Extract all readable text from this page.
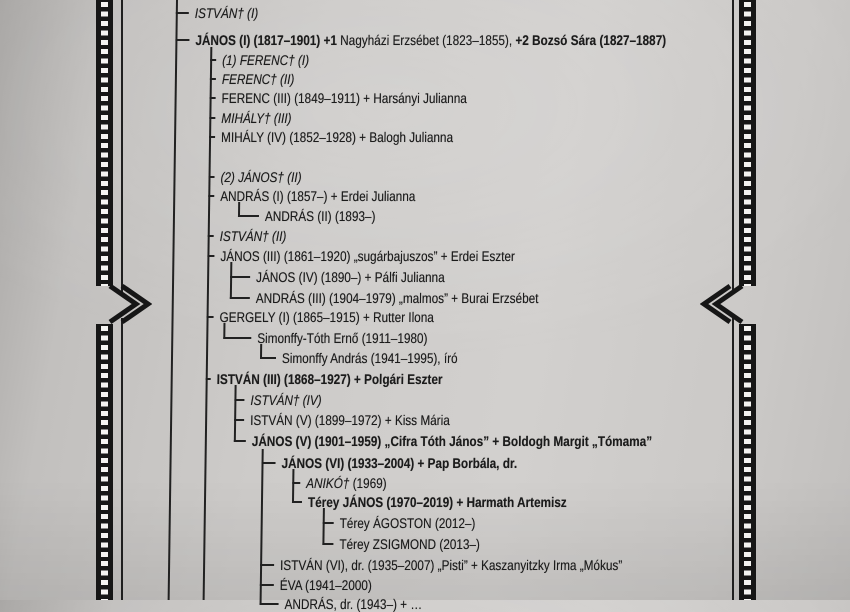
ISTVÁN† (I)
JÁNOS (I) (1817–1901) +1 Nagyházi Erzsébet (1823–1855), +2 Bozsó Sára (1827–1887)
(1) FERENC† (I)
FERENC† (II)
FERENC (III) (1849–1911) + Harsányi Julianna
MIHÁLY† (III)
MIHÁLY (IV) (1852–1928) + Balogh Julianna
(2) JÁNOS† (II)
ANDRÁS (I) (1857–) + Erdei Julianna
ANDRÁS (II) (1893–)
ISTVÁN† (II)
JÁNOS (III) (1861–1920) „sugárbajuszos” + Erdei Eszter
JÁNOS (IV) (1890–) + Pálfi Julianna
ANDRÁS (III) (1904–1979) „malmos” + Burai Erzsébet
GERGELY (I) (1865–1915) + Rutter Ilona
Simonffy-Tóth Ernő (1911–1980)
Simonffy András (1941–1995), író
ISTVÁN (III) (1868–1927) + Polgári Eszter
ISTVÁN† (IV)
ISTVÁN (V) (1899–1972) + Kiss Mária
JÁNOS (V) (1901–1959) „Cifra Tóth János” + Boldogh Margit „Tómama”
JÁNOS (VI) (1933–2004) + Pap Borbála, dr.
ANIKÓ† (1969)
Térey JÁNOS (1970–2019) + Harmath Artemisz
Térey ÁGOSTON (2012–)
Térey ZSIGMOND (2013–)
ISTVÁN (VI), dr. (1935–2007) „Pisti” + Kaszanyitzky Irma „Mókus”
ÉVA (1941–2000)
ANDRÁS, dr. (1943–) + …
